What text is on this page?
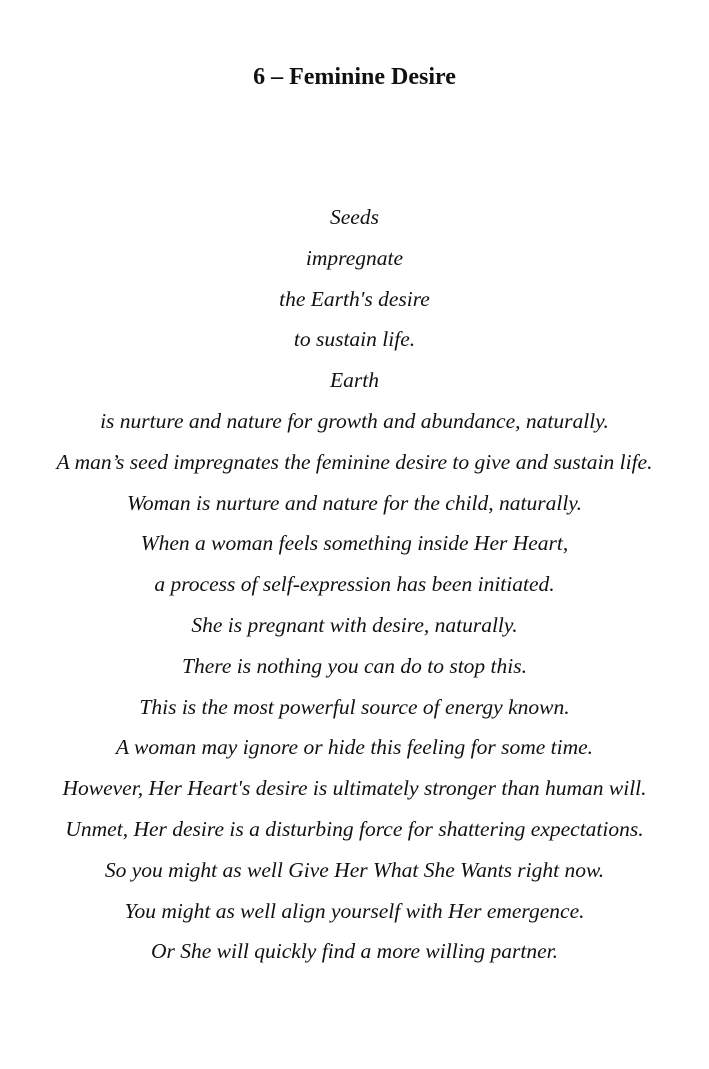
6 – Feminine Desire
Seeds
impregnate
the Earth's desire
to sustain life.
Earth
is nurture and nature for growth and abundance, naturally.
A man’s seed impregnates the feminine desire to give and sustain life.
Woman is nurture and nature for the child, naturally.
When a woman feels something inside Her Heart,
a process of self-expression has been initiated.
She is pregnant with desire, naturally.
There is nothing you can do to stop this.
This is the most powerful source of energy known.
A woman may ignore or hide this feeling for some time.
However, Her Heart's desire is ultimately stronger than human will.
Unmet, Her desire is a disturbing force for shattering expectations.
So you might as well Give Her What She Wants right now.
You might as well align yourself with Her emergence.
Or She will quickly find a more willing partner.
